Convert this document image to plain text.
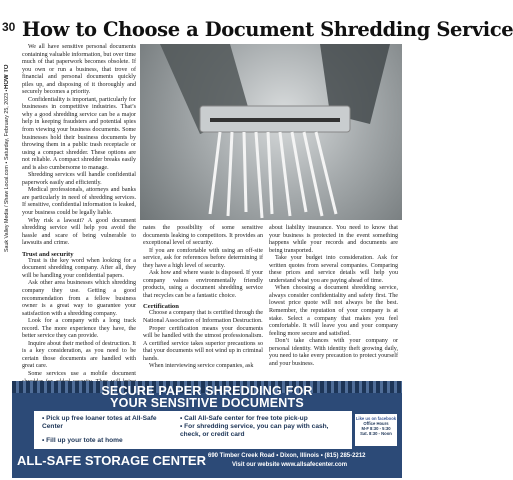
30
Sauk Valley Media / Shaw Local.com
•
Saturday, February 25, 2023
•
HOW TO
How to Choose a Document Shredding Service

We all have sensitive personal documents containing valuable information, but over time much of that paperwork becomes obsolete. If you own or run a business, that trove of financial and personal documents quickly piles up, and disposing of it thoroughly and securely becomes a priority.

Confidentiality is important, particularly for businesses in competitive industries. That’s why a good shredding service can be a major help in keeping fraudsters and potential spies from viewing your business documents. Some businesses hold their business documents by throwing them in a public trash receptacle or using a compact shredder. These options are not reliable. A compact shredder breaks easily and is also cumbersome to manage.

Shredding services will handle confidential paperwork easily and efficiently.

Medical professionals, attorneys and banks are particularly in need of shredding services. If sensitive, confidential information is leaked, your business could be legally liable.

Why risk a lawsuit? A good document shredding service will help you avoid the hassle and scare of being vulnerable to lawsuits and crime.

Trust and security

Trust is the key word when looking for a document shredding company. After all, they will be handling your confidential papers.

Ask other area businesses which shredding company they use. Getting a good recommendation from a fellow business owner is a great way to guarantee your satisfaction with a shredding company.

Look for a company with a long track record. The more experience they have, the better service they can provide.

Inquire about their method of destruction. It is a key consideration, as you need to be certain those documents are handled with great care.

Some services use a mobile document

nates the possibility of some sensitive documents leaking to competitors. It provides an exceptional level of security.

If you are comfortable with using an off-site service, ask for references before determining if they have a high level of security.

Ask how and where waste is disposed. If your company values environmentally friendly products, using a document shredding service that recycles can be a fantastic choice.

Certification

Choose a company that is certified through the National Association of Information Destruction.

Proper certification means your documents will be handled with the utmost professionalism. A certified service takes superior precautions so that your documents will not wind up in criminal hands.

When interviewing service companies, ask

about liability insurance. You need to know that your business is protected in the event something happens while your records and documents are being transported.

Take your budget into consideration. Ask for written quotes from several companies. Comparing these prices and service details will help you understand what you are paying ahead of time.

When choosing a document shredding service, always consider confidentiality and safety first. The lowest price quote will not always be the best. Remember, the reputation of your company is at stake. Select a company that makes you feel comfortable. It will leave you and your company feeling more secure and satisfied.

Don’t take chances with your company or personal identity. With identity theft growing daily, you need to take every precaution to protect yourself and your business.

SECURE PAPER SHREDDING FOR
YOUR SENSITIVE DOCUMENTS
• Pick up free loaner totes at All-Safe Center
• Fill up your tote at home
• Call All-Safe center for free tote pick-up
• For shredding service, you can pay with cash, check, or credit card
Like us on facebook
Office Hours
M-F 8:30 - 5:30
Sat. 8:30 - Noon
ALL-SAFE STORAGE CENTER 690 Timber Creek Road • Dixon, Illinois • (815) 285-2212
Visit our website www.allsafecenter.com
